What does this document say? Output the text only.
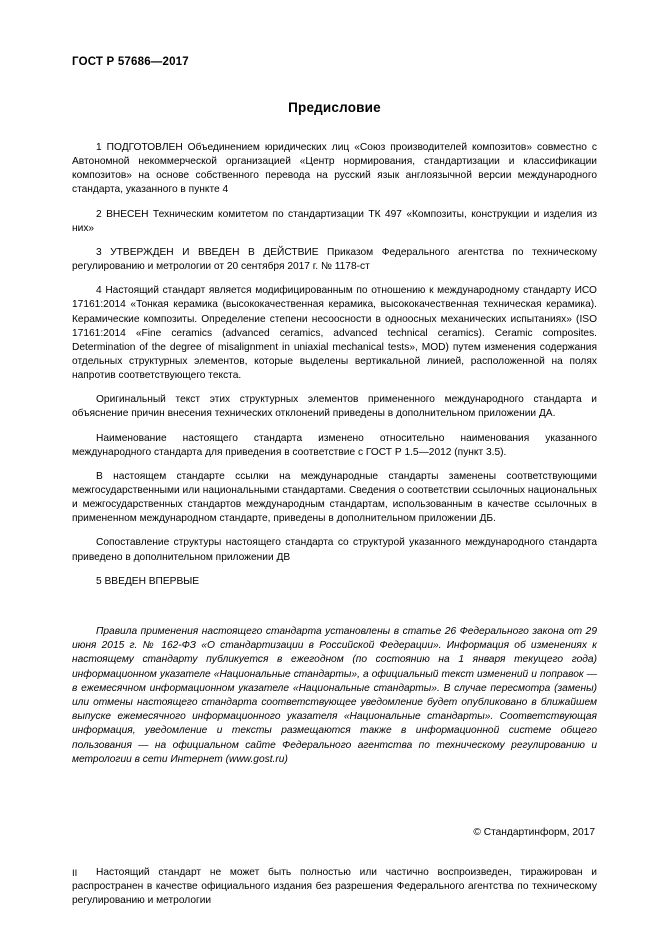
ГОСТ Р 57686—2017
Предисловие

1 ПОДГОТОВЛЕН Объединением юридических лиц «Союз производителей композитов» совместно с Автономной некоммерческой организацией «Центр нормирования, стандартизации и классификации композитов» на основе собственного перевода на русский язык англоязычной версии международного стандарта, указанного в пункте 4

2 ВНЕСЕН Техническим комитетом по стандартизации ТК 497 «Композиты, конструкции и изделия из них»

3 УТВЕРЖДЕН И ВВЕДЕН В ДЕЙСТВИЕ Приказом Федерального агентства по техническому регулированию и метрологии от 20 сентября 2017 г. № 1178-ст

4 Настоящий стандарт является модифицированным по отношению к международному стандарту ИСО 17161:2014 «Тонкая керамика (высококачественная керамика, высококачественная техническая керамика). Керамические композиты. Определение степени несоосности в одноосных механических испытаниях» (ISO 17161:2014 «Fine ceramics (advanced ceramics, advanced technical ceramics). Ceramic composites. Determination of the degree of misalignment in uniaxial mechanical tests», MOD) путем изменения содержания отдельных структурных элементов, которые выделены вертикальной линией, расположенной на полях напротив соответствующего текста.

Оригинальный текст этих структурных элементов примененного международного стандарта и объяснение причин внесения технических отклонений приведены в дополнительном приложении ДА.

Наименование настоящего стандарта изменено относительно наименования указанного международного стандарта для приведения в соответствие с ГОСТ Р 1.5—2012 (пункт 3.5).

В настоящем стандарте ссылки на международные стандарты заменены соответствующими межгосударственными или национальными стандартами. Сведения о соответствии ссылочных национальных и межгосударственных стандартов международным стандартам, использованным в качестве ссылочных в примененном международном стандарте, приведены в дополнительном приложении ДБ.

Сопоставление структуры настоящего стандарта со структурой указанного международного стандарта приведено в дополнительном приложении ДВ

5 ВВЕДЕН ВПЕРВЫЕ

Правила применения настоящего стандарта установлены в статье 26 Федерального закона от 29 июня 2015 г. № 162-ФЗ «О стандартизации в Российской Федерации». Информация об изменениях к настоящему стандарту публикуется в ежегодном (по состоянию на 1 января текущего года) информационном указателе «Национальные стандарты», а официальный текст изменений и поправок — в ежемесячном информационном указателе «Национальные стандарты». В случае пересмотра (замены) или отмены настоящего стандарта соответствующее уведомление будет опубликовано в ближайшем выпуске ежемесячного информационного указателя «Национальные стандарты». Соответствующая информация, уведомление и тексты размещаются также в информационной системе общего пользования — на официальном сайте Федерального агентства по техническому регулированию и метрологии в сети Интернет (www.gost.ru)
© Стандартинформ, 2017
Настоящий стандарт не может быть полностью или частично воспроизведен, тиражирован и распространен в качестве официального издания без разрешения Федерального агентства по техническому регулированию и метрологии
II
